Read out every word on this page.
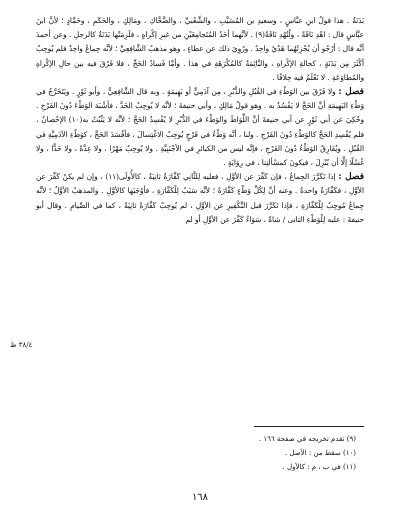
بَدَنَةٌ . هذا قولُ ابنِ عبَّاسٍ ، وسعيدِ بن المُسَيَّبِ ، والشَّعْبيِّ ، والضَّحَّاكِ ، ومَالِكٍ ، والحَكَمِ ، وحَمَّادٍ ؛ لأنَّ ابنَ عبَّاسٍ قال : اهْدِ نَاقَةً ، ولْتُهْدِ نَاقَةً(٩) . لأنَّهما أحَدُ المُتَجامِعَيْنِ من غيرِ إكْراهٍ ، فلَزِمَتْها بَدَنَةٌ كالرجلِ . وعن أحمدَ أنَّه قال : أرْجُو أن يُجْزِئَهُما هَدْيٌ واحِدٌ . ورُوِيَ ذلك عن عطاءٍ ، وهو مذهبُ الشَّافِعِيِّ ؛ لأنَّه جِماعٌ واحِدٌ فلم يُوجِبْ أكْثَرَ مِن بَدَنَةٍ ، كحالةِ الإكْراهِ ، والنَّائِمَةُ كالمُكْرَهَةِ في هذا . وأمَّا فَسادُ الحَجِّ ، فلا فَرْقَ فيه بين حالِ الإكْراهِ والمُطاوَعَةِ . لا نَعْلَمُ فيه خِلافًا .

فصل : ولا فَرْقَ بين الوَطْءِ في القُبُلِ والدُّبُرِ ، مِن آدَمِيٍّ أو بَهِيمَةٍ . وبه قال الشَّافِعِيُّ ، وأبو ثَوْرٍ . ويَتَخَرَّجُ في وَطْءِ البَهِيمَةِ أنَّ الحَجَّ لا يَفْسُدُ به . وهو قولُ مَالِكٍ ، وأبي حنيفةَ ؛ لأنَّه لا يُوجِبُ الحَدَّ ، فأشْبَهَ الوَطْءَ دُونَ الفَرْجِ . وحُكِيَ عن أبي ثَوْرٍ عن أبي حنيفةَ أنَّ اللِّوَاطَ والوَطْءَ في الدُّبُرِ لا يُفْسِدُ الحَجَّ ؛ لأنَّه لا يَثْبُتُ به(١٠) الإحْصانُ ، فلم يُفْسِدِ الحَجَّ كالوَطْءِ دُونَ الفَرْجِ . ولنا ، أنَّه وَطْءٌ في فَرْجٍ يُوجِبُ الاغْتِسالَ ، فأفْسَدَ الحَجَّ ، كوَطْءِ الآدَمِيَّةِ في القُبُلِ . ويُفَارِقُ الوَطْءُ دُونَ الفَرْجِ ، فإنَّه ليس من الكبائرِ في الأجْنَبِيَّةِ . ولا يُوجِبُ مَهْرًا ، ولا عِدَّةً ، ولا حَدًّا ، ولا غُسْلًا إلَّا أن يُنْزِلَ ، فيكونَ كمسْألتِنا ، في رِوَايَةٍ .

فصل : إذا تَكَرَّرَ الجِماعُ ، فإن كَفَّرَ عن الأوَّلِ ، فعليه لِلثَّانِي كَفَّارَةٌ ثانِيَةٌ ، كالأُولَى(١١) ، وإن لم يكنْ كَفَّرَ عن الأوَّلِ ، فكَفَّارَةٌ واحدةٌ . وعنه أنَّ لِكُلِّ وَطْءٍ كَفَّارَةً ؛ لأنَّه سَبَبٌ لِلْكَفَّارَةِ ، فأوْجَبَها كالأوَّلِ . والمذهبُ الأوَّلُ ؛ لأنَّه جِماعٌ مُوجِبٌ لِلْكَفَّارَةِ ، فإذا تَكَرَّرَ قبل التَّكْفِيرِ عن الأوَّلِ ، لم يُوجِبْ كَفَّارَةً ثانِيَةً ، كما في الصِّيامِ . وقال أبو حنيفةَ : عليه لِلْوَطْءِ الثانى / شاةٌ ، سَوَاءٌ كَفَّرَ عن الأوَّلِ أو لم

٣٨/٤ ظ

(٩) تقدم تخريجه في صفحة ١٦٦ .

(١٠) سقط من : الأصل .

(١١) في ب ، م : كالأول .

١٦٨
